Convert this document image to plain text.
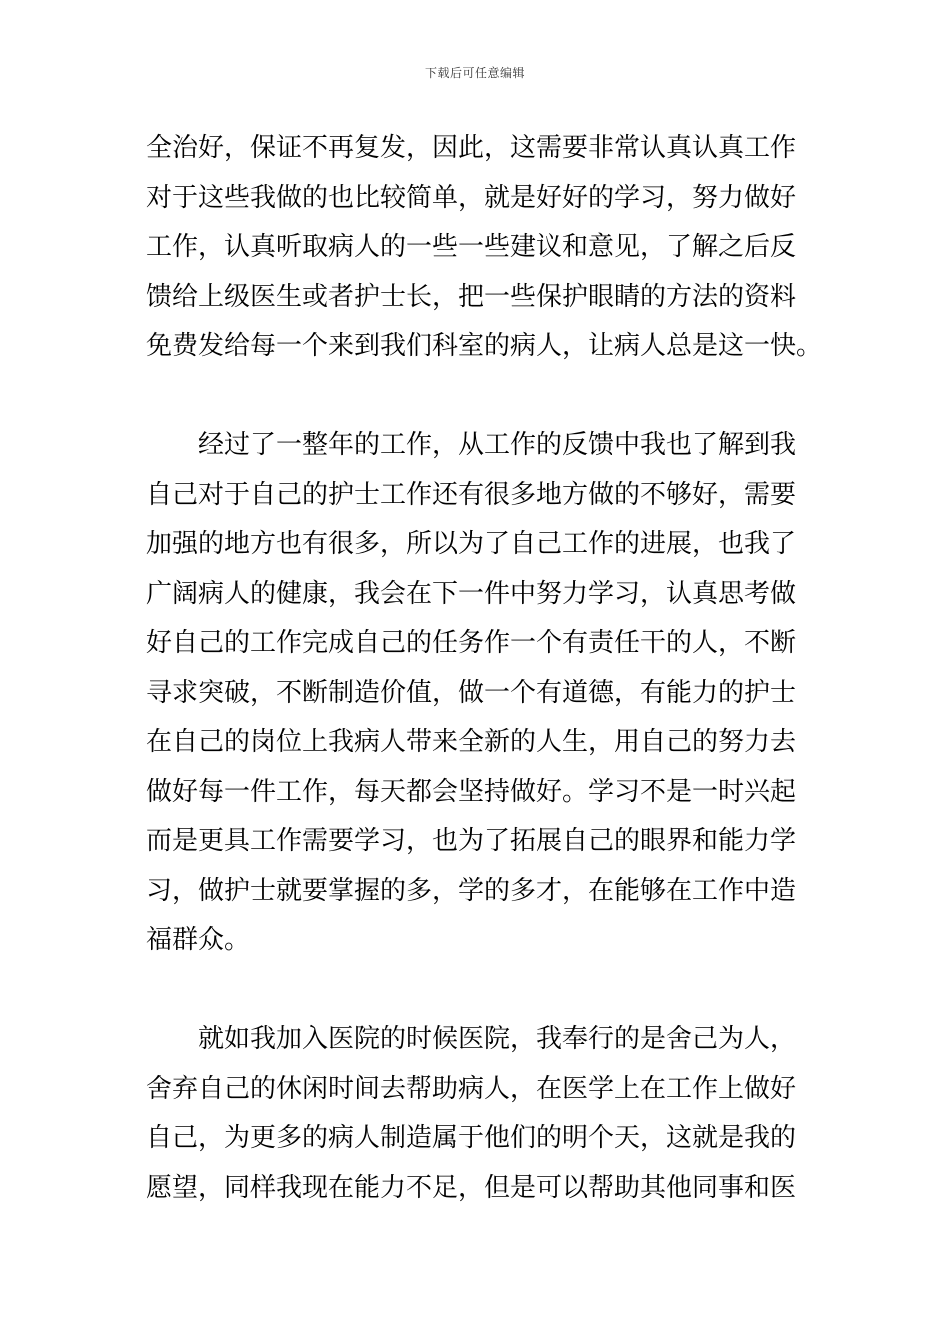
下载后可任意编辑
全治好，保证不再复发，因此，这需要非常认真认真工作
对于这些我做的也比较简单，就是好好的学习，努力做好
工作，认真听取病人的一些一些建议和意见，了解之后反
馈给上级医生或者护士长，把一些保护眼睛的方法的资料
免费发给每一个来到我们科室的病人，让病人总是这一快。
经过了一整年的工作，从工作的反馈中我也了解到我
自己对于自己的护士工作还有很多地方做的不够好，需要
加强的地方也有很多，所以为了自己工作的进展，也我了
广阔病人的健康，我会在下一件中努力学习，认真思考做
好自己的工作完成自己的任务作一个有责任干的人，不断
寻求突破，不断制造价值，做一个有道德，有能力的护士
在自己的岗位上我病人带来全新的人生，用自己的努力去
做好每一件工作，每天都会坚持做好。学习不是一时兴起
而是更具工作需要学习，也为了拓展自己的眼界和能力学
习，做护士就要掌握的多，学的多才，在能够在工作中造
福群众。
就如我加入医院的时候医院，我奉行的是舍己为人，
舍弃自己的休闲时间去帮助病人，在医学上在工作上做好
自己，为更多的病人制造属于他们的明个天，这就是我的
愿望，同样我现在能力不足，但是可以帮助其他同事和医
